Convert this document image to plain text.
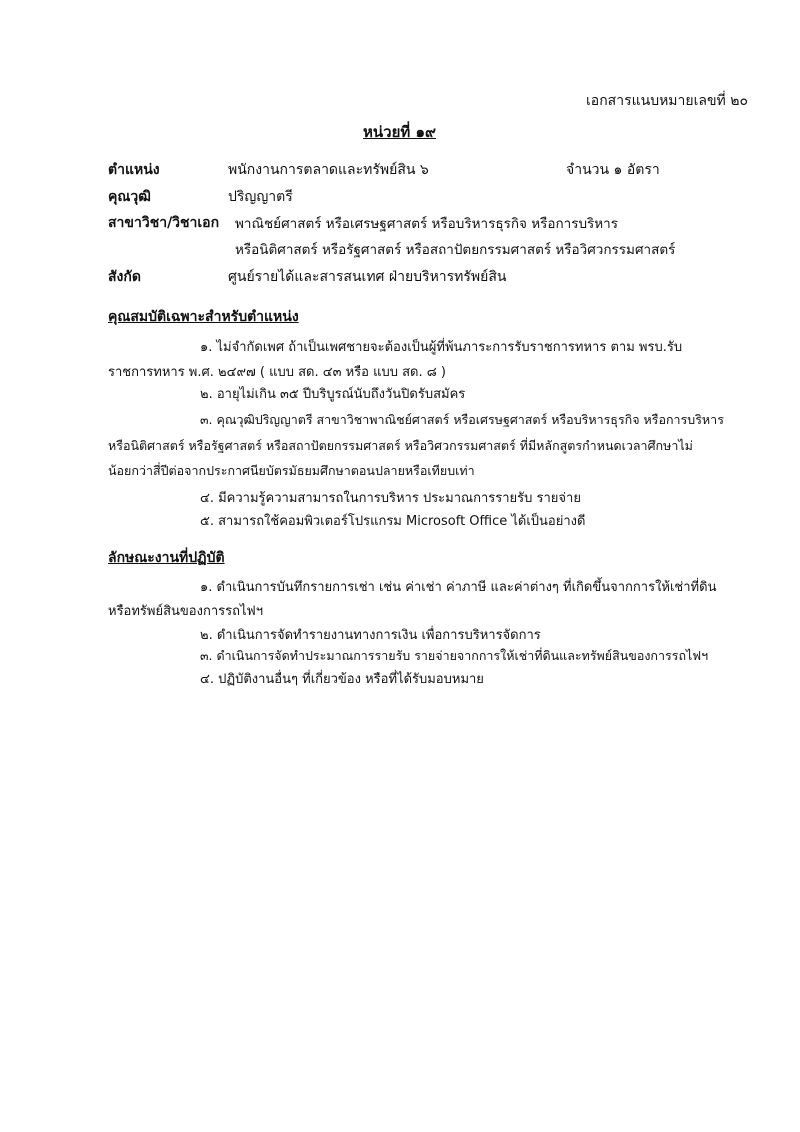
เอกสารแนบหมายเลขที่ ๒๐
หน่วยที่ ๑๙
ตำแหน่ง	พนักงานการตลาดและทรัพย์สิน ๖	จำนวน ๑ อัตรา
คุณวุฒิ	ปริญญาตรี
สาขาวิชา/วิชาเอก พาณิชย์ศาสตร์ หรือเศรษฐศาสตร์ หรือบริหารธุรกิจ หรือการบริหาร
หรือนิติศาสตร์ หรือรัฐศาสตร์ หรือสถาปัตยกรรมศาสตร์ หรือวิศวกรรมศาสตร์
สังกัด	ศูนย์รายได้และสารสนเทศ ฝ่ายบริหารทรัพย์สิน
คุณสมบัติเฉพาะสำหรับตำแหน่ง
๑. ไม่จำกัดเพศ ถ้าเป็นเพศชายจะต้องเป็นผู้ที่พ้นภาระการรับราชการทหาร ตาม พรบ.รับ
ราชการทหาร พ.ศ. ๒๔๙๗ ( แบบ สด. ๔๓ หรือ แบบ สด. ๘ )
๒. อายุไม่เกิน ๓๕ ปีบริบูรณ์นับถึงวันปิดรับสมัคร
๓. คุณวุฒิปริญญาตรี สาขาวิชาพาณิชย์ศาสตร์ หรือเศรษฐศาสตร์ หรือบริหารธุรกิจ หรือการบริหาร
หรือนิติศาสตร์ หรือรัฐศาสตร์ หรือสถาปัตยกรรมศาสตร์ หรือวิศวกรรมศาสตร์ ที่มีหลักสูตรกำหนดเวลาศึกษาไม่
น้อยกว่าสี่ปีต่อจากประกาศนียบัตรมัธยมศึกษาตอนปลายหรือเทียบเท่า
๔. มีความรู้ความสามารถในการบริหาร ประมาณการรายรับ รายจ่าย
๕. สามารถใช้คอมพิวเตอร์โปรแกรม Microsoft Office ได้เป็นอย่างดี
ลักษณะงานที่ปฏิบัติ
๑. ดำเนินการบันทึกรายการเช่า เช่น ค่าเช่า ค่าภาษี และค่าต่างๆ ที่เกิดขึ้นจากการให้เช่าที่ดิน
หรือทรัพย์สินของการรถไฟฯ
๒. ดำเนินการจัดทำรายงานทางการเงิน เพื่อการบริหารจัดการ
๓. ดำเนินการจัดทำประมาณการรายรับ รายจ่ายจากการให้เช่าที่ดินและทรัพย์สินของการรถไฟฯ
๔. ปฏิบัติงานอื่นๆ ที่เกี่ยวข้อง หรือที่ได้รับมอบหมาย
